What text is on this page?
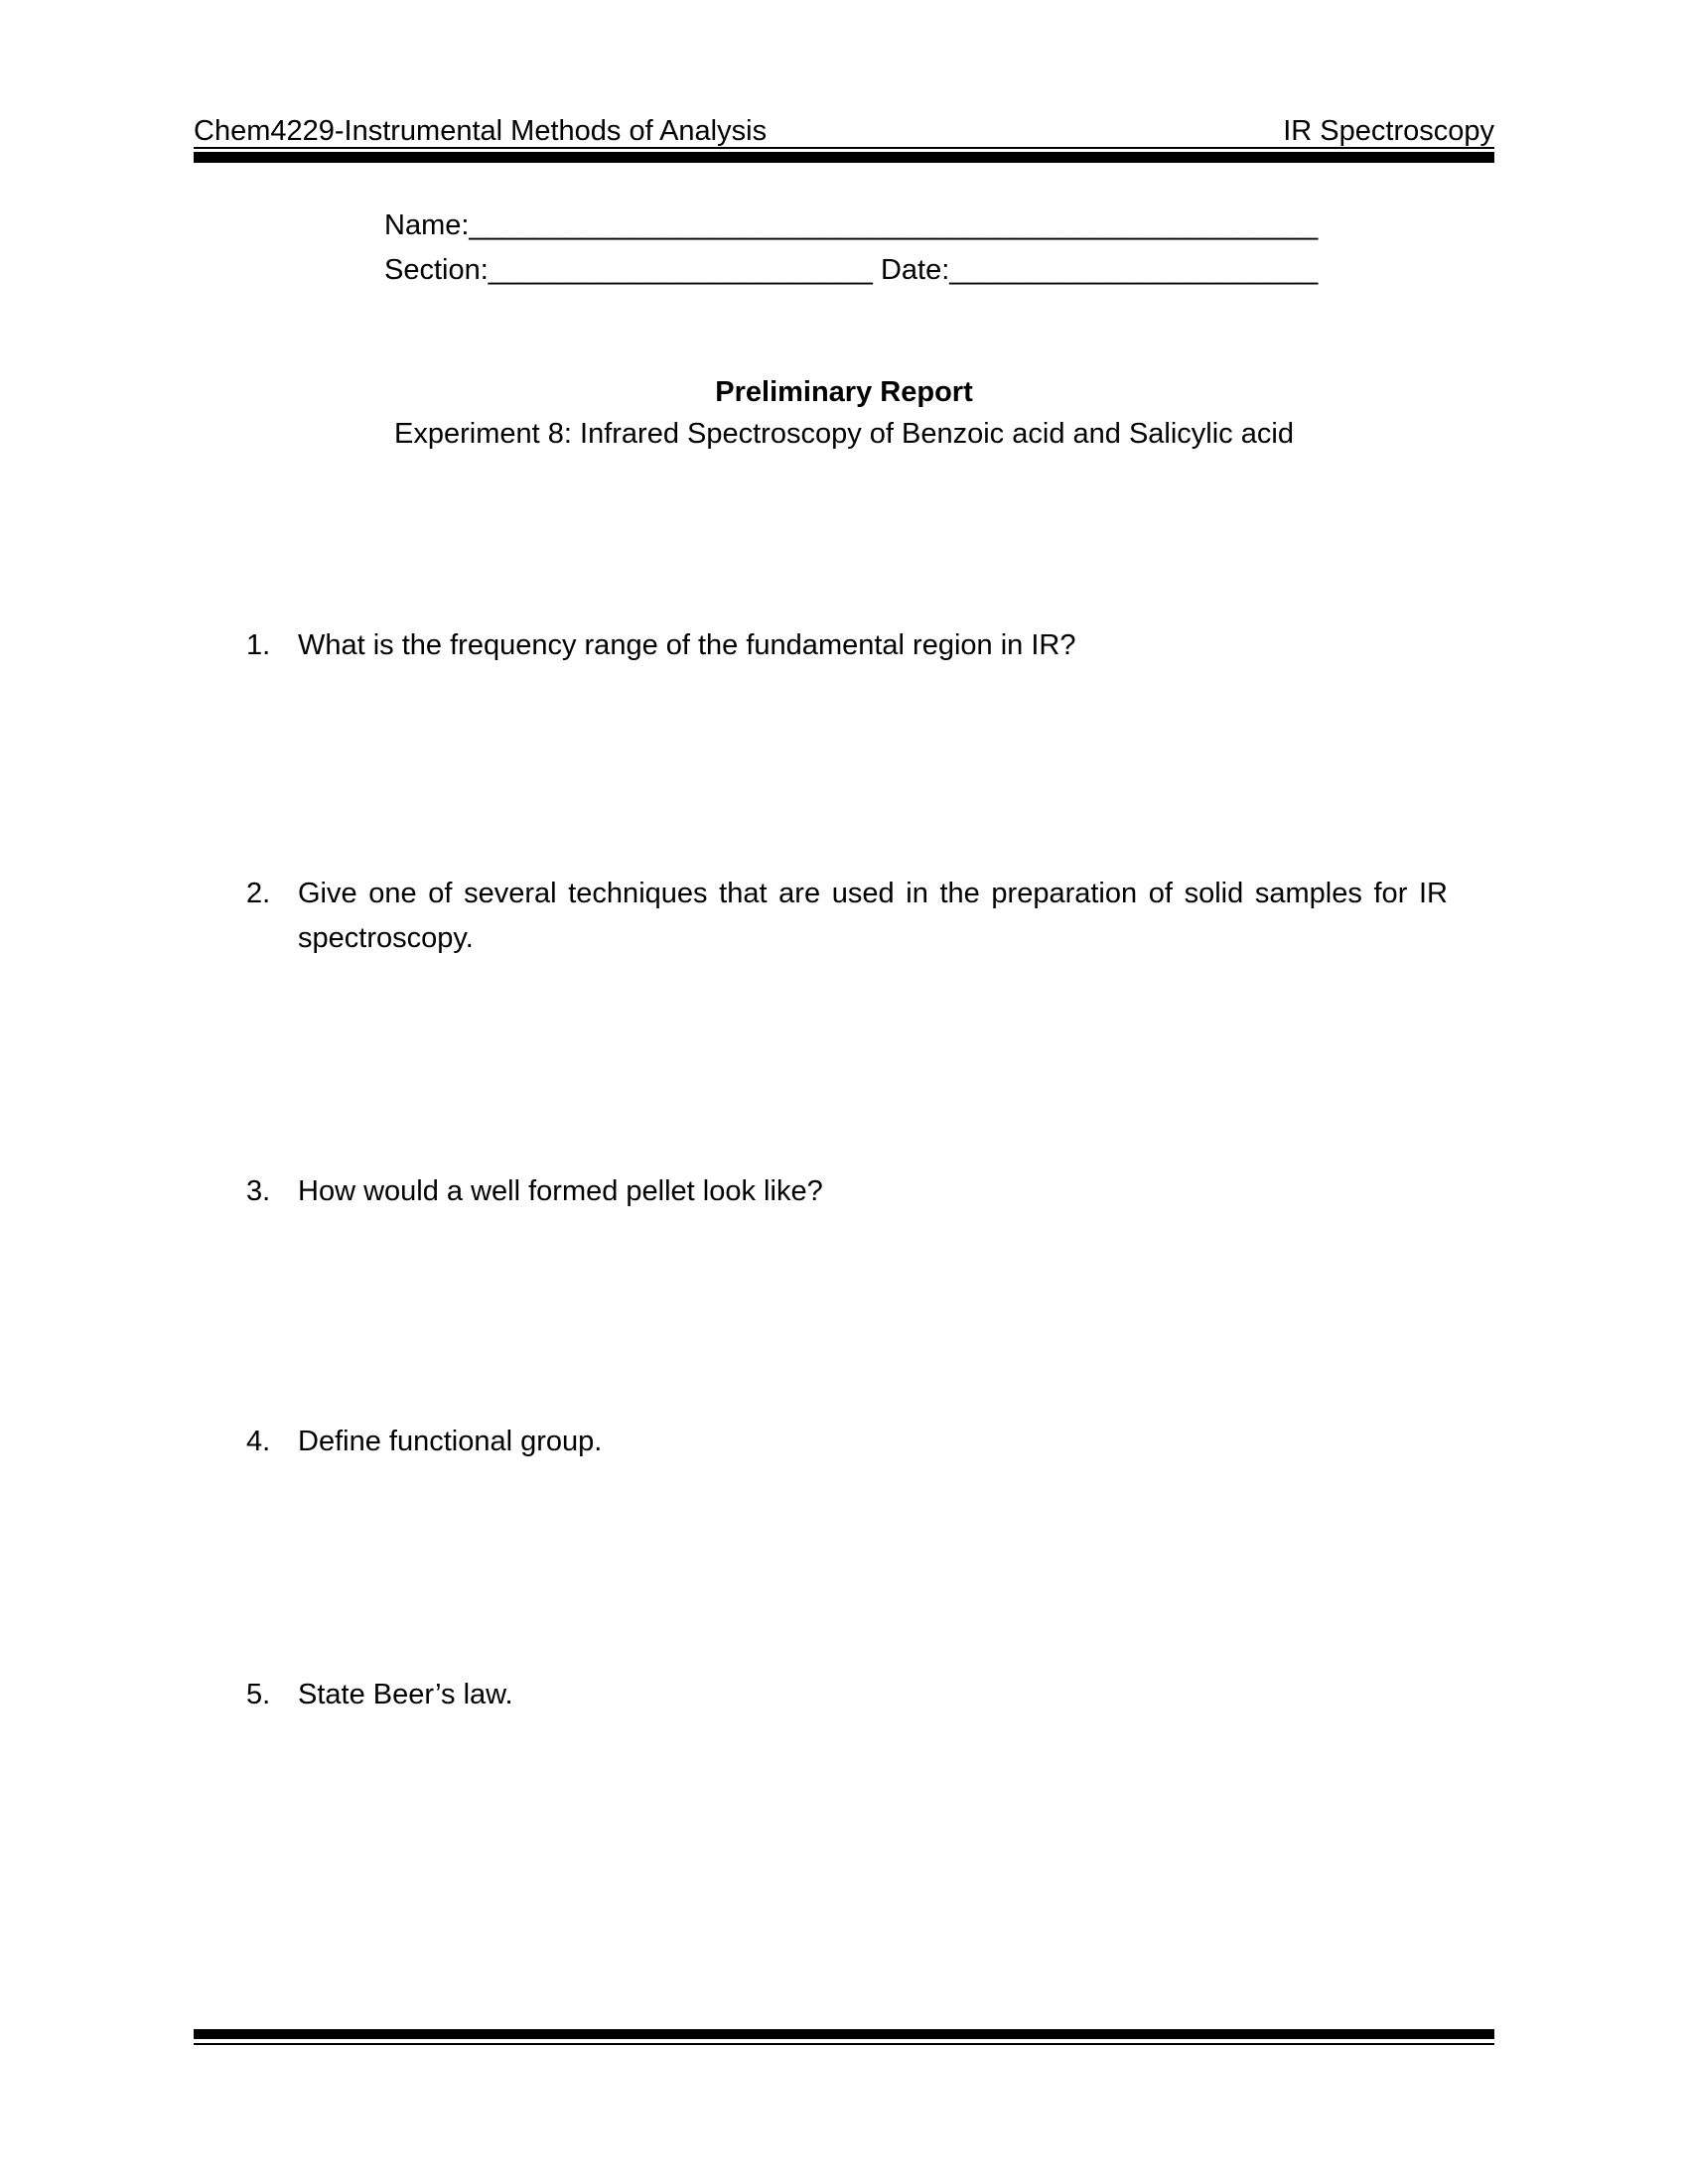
Chem4229-Instrumental Methods of Analysis	IR Spectroscopy
Name:_____________________________________________________
Section:________________________ Date:_______________________
Preliminary Report
Experiment 8: Infrared Spectroscopy of Benzoic acid and Salicylic acid
1. What is the frequency range of the fundamental region in IR?
2. Give one of several techniques that are used in the preparation of solid samples for IR
spectroscopy.
3. How would a well formed pellet look like?
4. Define functional group.
5. State Beer’s law.
